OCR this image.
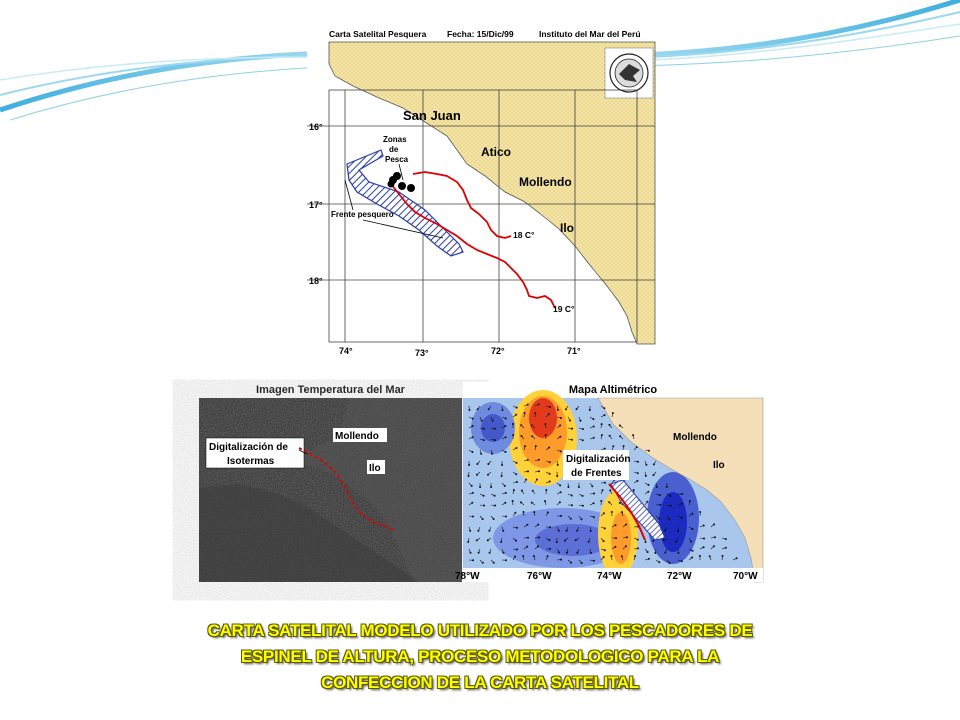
Carta Satelital Pesquera Fecha: 15/Dic/99	Instituto del Mar del Perú
16°
17°
18°
74°	73°	72°	71°
San Juan
Atico
Mollendo
Ilo
18 C°
19 C°
Zonas
de
Pesca
Frente pesquero
Imagen Temperatura del Mar
Digitalización de
Isotermas
Mollendo
Ilo
Mapa Altimétrico
Digitalización
de Frentes
Mollendo
Ilo
78°W	76°W	74°W	72°W	70°W
CARTA SATELITAL MODELO UTILIZADO POR LOS PESCADORES DE
ESPINEL DE ALTURA, PROCESO METODOLOGICO PARA LA
CONFECCION DE LA CARTA SATELITAL
